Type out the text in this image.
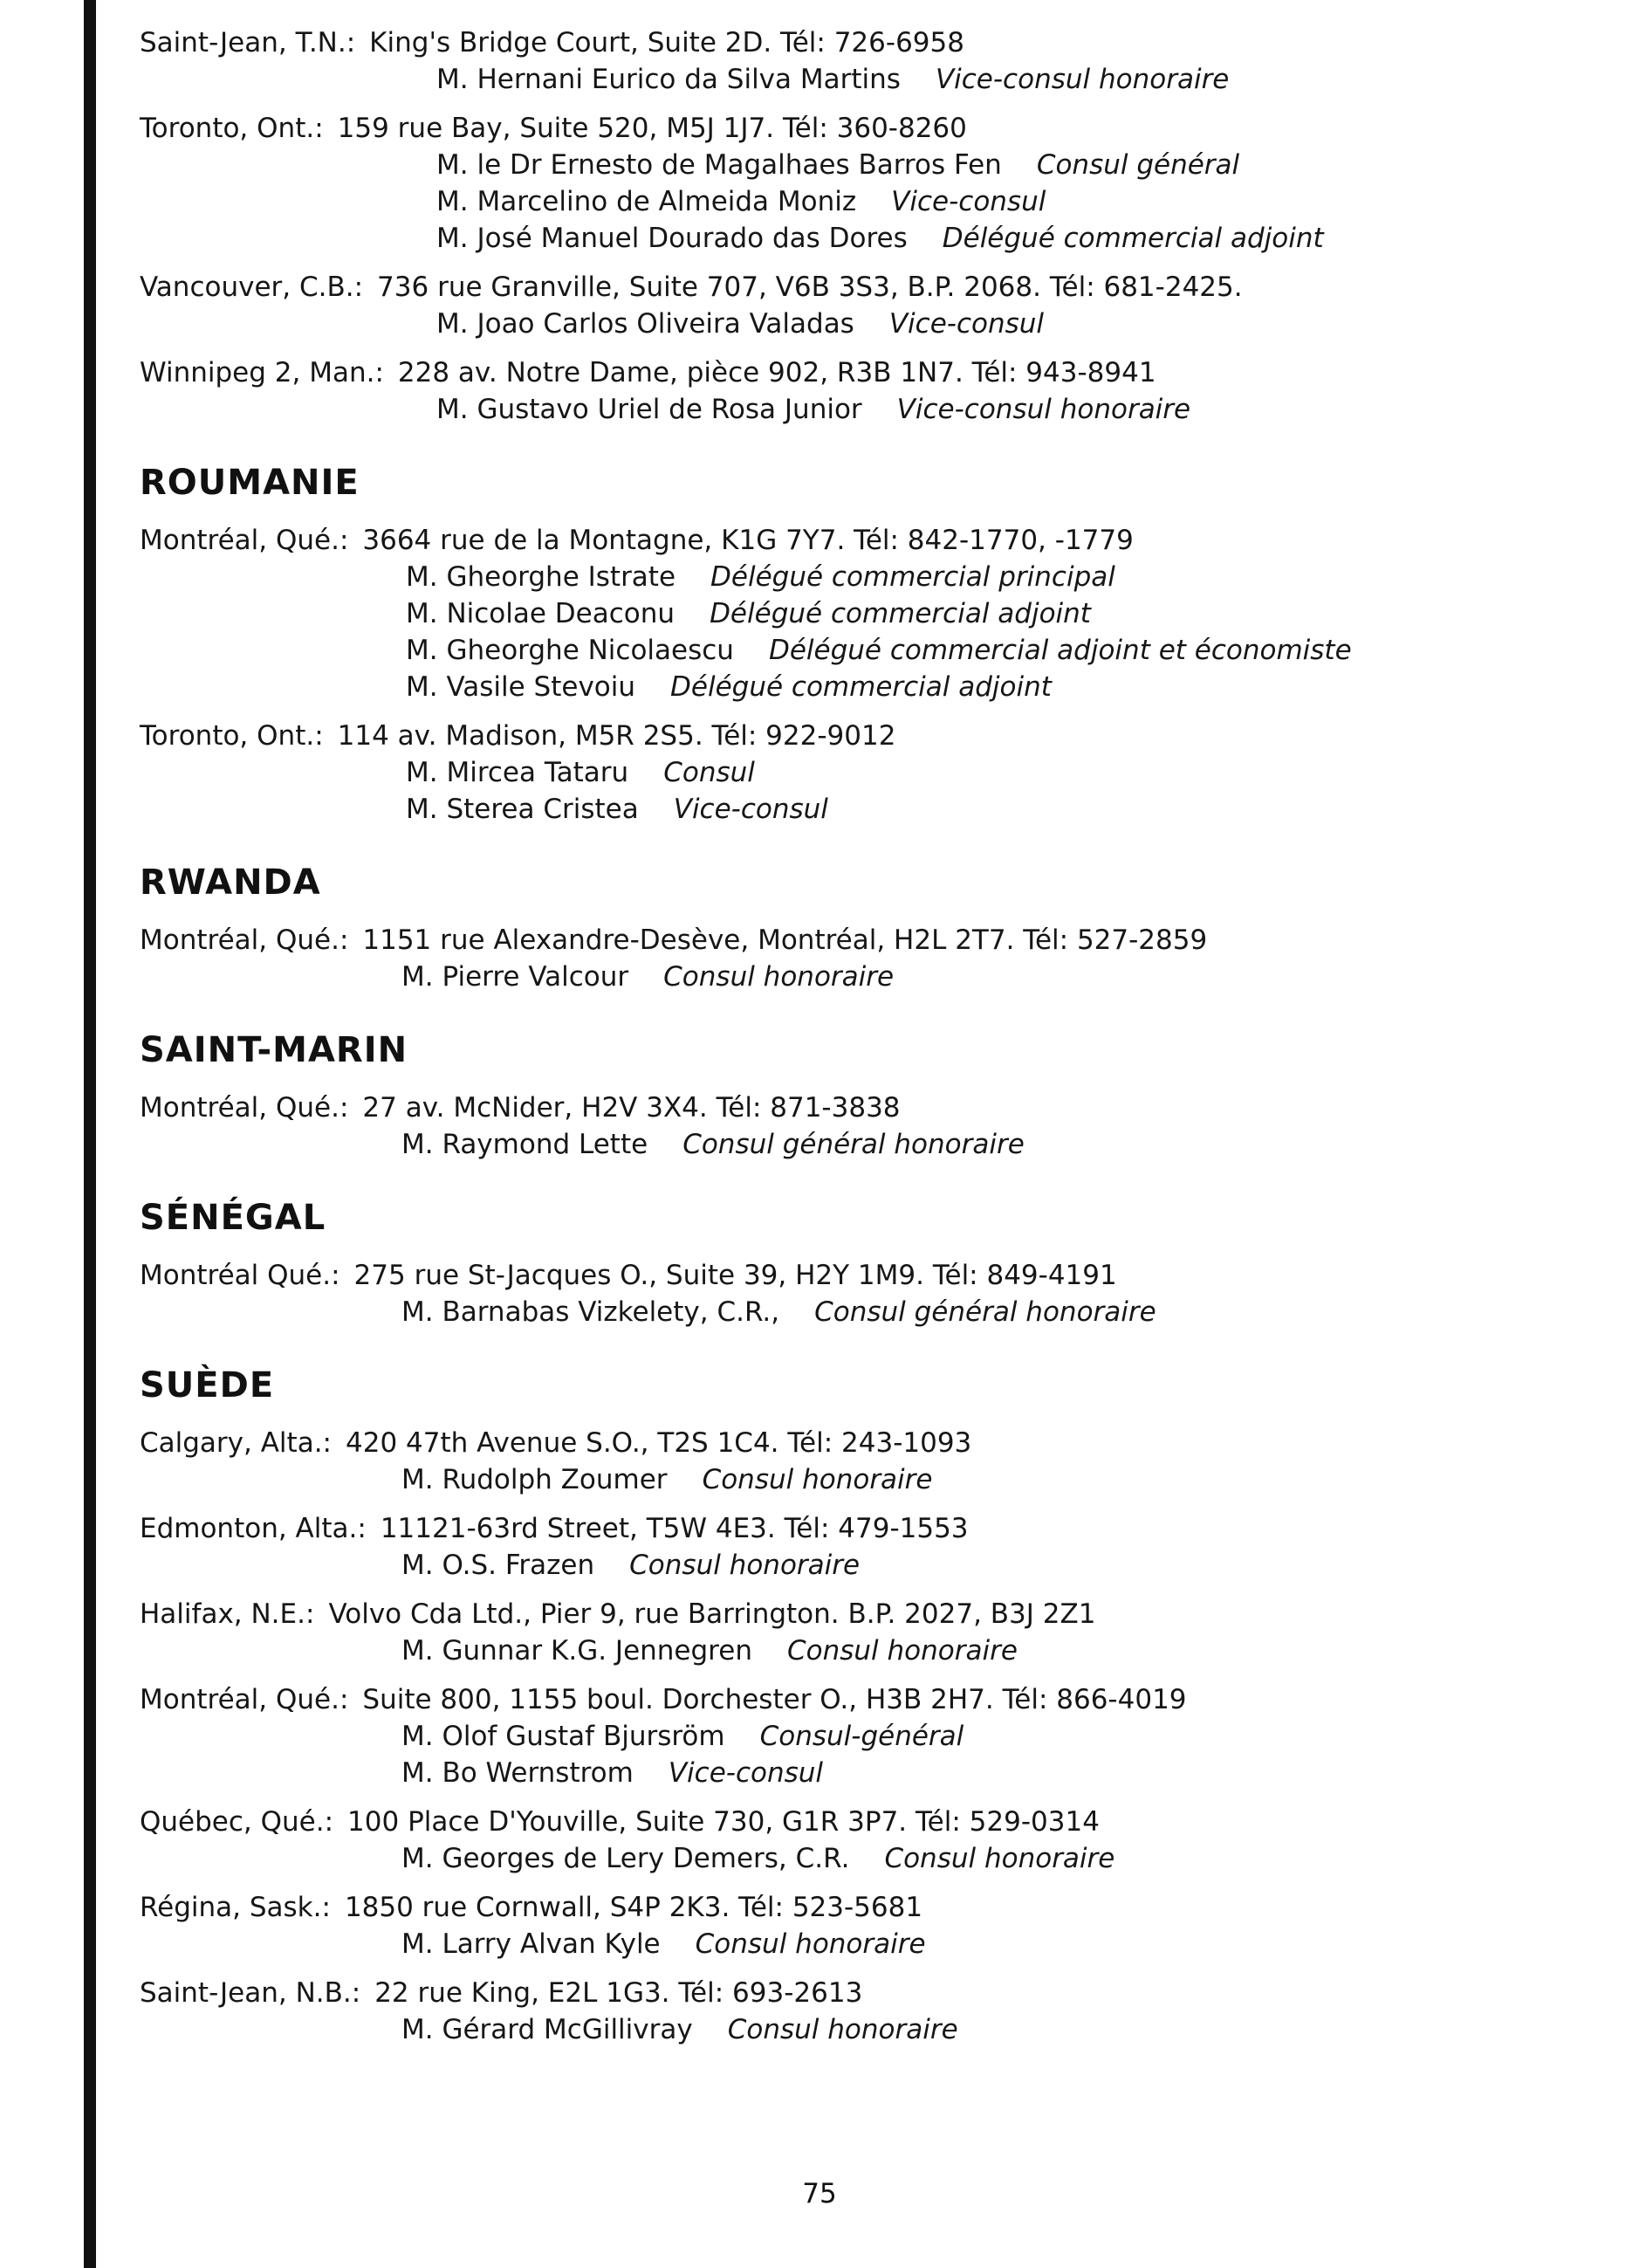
Saint-Jean, T.N.: King's Bridge Court, Suite 2D. Tél: 726-6958
M. Hernani Eurico da Silva Martins Vice-consul honoraire
Toronto, Ont.: 159 rue Bay, Suite 520, M5J 1J7. Tél: 360-8260
M. le Dr Ernesto de Magalhaes Barros Fen Consul général
M. Marcelino de Almeida Moniz Vice-consul
M. José Manuel Dourado das Dores Délégué commercial adjoint
Vancouver, C.B.: 736 rue Granville, Suite 707, V6B 3S3, B.P. 2068. Tél: 681-2425.
M. Joao Carlos Oliveira Valadas Vice-consul
Winnipeg 2, Man.: 228 av. Notre Dame, pièce 902, R3B 1N7. Tél: 943-8941
M. Gustavo Uriel de Rosa Junior Vice-consul honoraire
ROUMANIE
Montréal, Qué.: 3664 rue de la Montagne, K1G 7Y7. Tél: 842-1770, -1779
M. Gheorghe Istrate Délégué commercial principal
M. Nicolae Deaconu Délégué commercial adjoint
M. Gheorghe Nicolaescu Délégué commercial adjoint et économiste
M. Vasile Stevoiu Délégué commercial adjoint
Toronto, Ont.: 114 av. Madison, M5R 2S5. Tél: 922-9012
M. Mircea Tataru Consul
M. Sterea Cristea Vice-consul
RWANDA
Montréal, Qué.: 1151 rue Alexandre-Desève, Montréal, H2L 2T7. Tél: 527-2859
M. Pierre Valcour Consul honoraire
SAINT-MARIN
Montréal, Qué.: 27 av. McNider, H2V 3X4. Tél: 871-3838
M. Raymond Lette Consul général honoraire
SÉNÉGAL
Montréal Qué.: 275 rue St-Jacques O., Suite 39, H2Y 1M9. Tél: 849-4191
M. Barnabas Vizkelety, C.R., Consul général honoraire
SUÈDE
Calgary, Alta.: 420 47th Avenue S.O., T2S 1C4. Tél: 243-1093
M. Rudolph Zoumer Consul honoraire
Edmonton, Alta.: 11121-63rd Street, T5W 4E3. Tél: 479-1553
M. O.S. Frazen Consul honoraire
Halifax, N.E.: Volvo Cda Ltd., Pier 9, rue Barrington. B.P. 2027, B3J 2Z1
M. Gunnar K.G. Jennegren Consul honoraire
Montréal, Qué.: Suite 800, 1155 boul. Dorchester O., H3B 2H7. Tél: 866-4019
M. Olof Gustaf Bjursröm Consul-général
M. Bo Wernstrom Vice-consul
Québec, Qué.: 100 Place D'Youville, Suite 730, G1R 3P7. Tél: 529-0314
M. Georges de Lery Demers, C.R. Consul honoraire
Régina, Sask.: 1850 rue Cornwall, S4P 2K3. Tél: 523-5681
M. Larry Alvan Kyle Consul honoraire
Saint-Jean, N.B.: 22 rue King, E2L 1G3. Tél: 693-2613
M. Gérard McGillivray Consul honoraire
75
